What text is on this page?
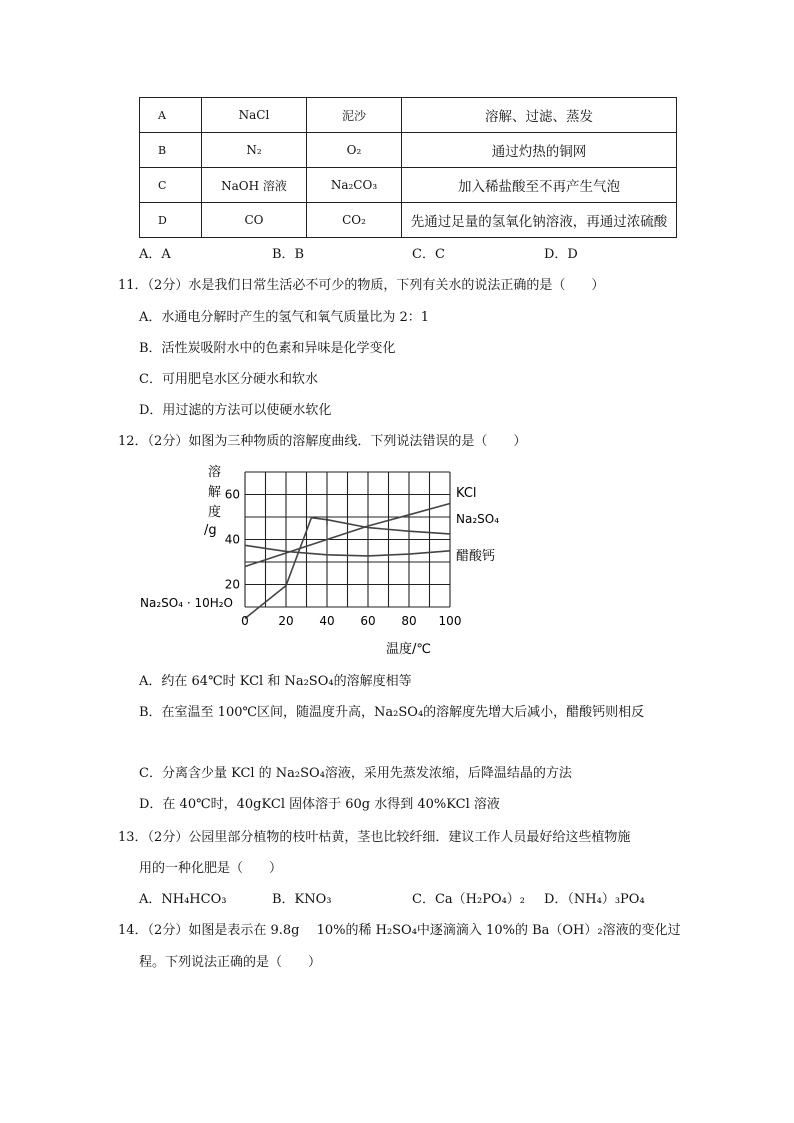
A	NaCl	泥沙	溶解、过滤、蒸发
B	N₂	O₂	通过灼热的铜网
C	NaOH 溶液	Na₂CO₃	加入稀盐酸至不再产生气泡
D	CO	CO₂	先通过足量的氢氧化钠溶液，再通过浓硫酸
A．A	B．B	C．C	D．D
11．（2分）水是我们日常生活必不可少的物质，下列有关水的说法正确的是（　　）
A．水通电分解时产生的氢气和氧气质量比为 2：1
B．活性炭吸附水中的色素和异味是化学变化
C．可用肥皂水区分硬水和软水
D．用过滤的方法可以使硬水软化
12．（2分）如图为三种物质的溶解度曲线．下列说法错误的是（　　）
0 20 40 60 80 100
20
40
60
溶
解
度
/g
KCl
Na₂SO₄
醋酸钙
Na₂SO₄ · 10H₂O
温度/℃
A．约在 64℃时 KCl 和 Na₂SO₄的溶解度相等
B．在室温至 100℃区间，随温度升高，Na₂SO₄的溶解度先增大后减小，醋酸钙则相反
C．分离含少量 KCl 的 Na₂SO₄溶液，采用先蒸发浓缩，后降温结晶的方法
D．在 40℃时，40gKCl 固体溶于 60g 水得到 40%KCl 溶液
13．（2分）公园里部分植物的枝叶枯黄，茎也比较纤细．建议工作人员最好给这些植物施
用的一种化肥是（　　）
A．NH₄HCO₃	B．KNO₃	C．Ca（H₂PO₄）₂ D．（NH₄）₃PO₄
14．（2分）如图是表示在 9.8g　 10%的稀 H₂SO₄中逐滴滴入 10%的 Ba（OH）₂溶液的变化过
程。下列说法正确的是（　　）
